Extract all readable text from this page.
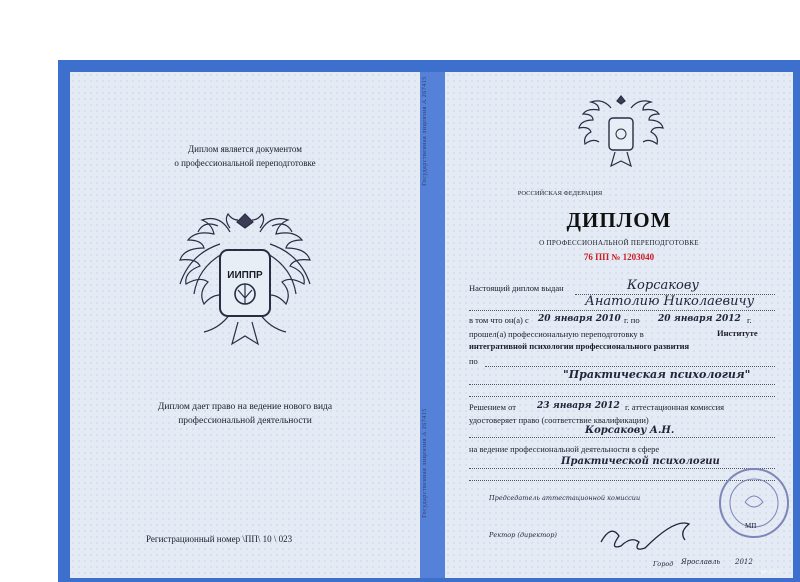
Диплом является документом
о профессиональной переподготовке
ИИППР
Диплом дает право на ведение нового вида
профессиональной деятельности
Регистрационный номер \ПП\ 10 \ 023
Государственная лицензия А 267415
Государственная лицензия А 267415
РОССИЙСКАЯ ФЕДЕРАЦИЯ
ДИПЛОМ
О ПРОФЕССИОНАЛЬНОЙ ПЕРЕПОДГОТОВКЕ
76 ПП № 1203040
Настоящий диплом выдан	Корсакову
Анатолию Николаевичу
в том что он(а) с 20 января 2010 г. по 20 января 2012 г.
прошел(а) профессиональную переподготовку в	Институте
интегративной психологии профессионального развития
по
"Практическая психология"
Решением от 23 января 2012 г. аттестационная комиссия
удостоверяет право (соответствие квалификации)
Корсакову А.Н.
на ведение профессиональной деятельности в сфере
Практической психологии
Председатель аттестационной комиссии
Ректор (директор)
МП
Город Ярославль 2012
РР 2012
